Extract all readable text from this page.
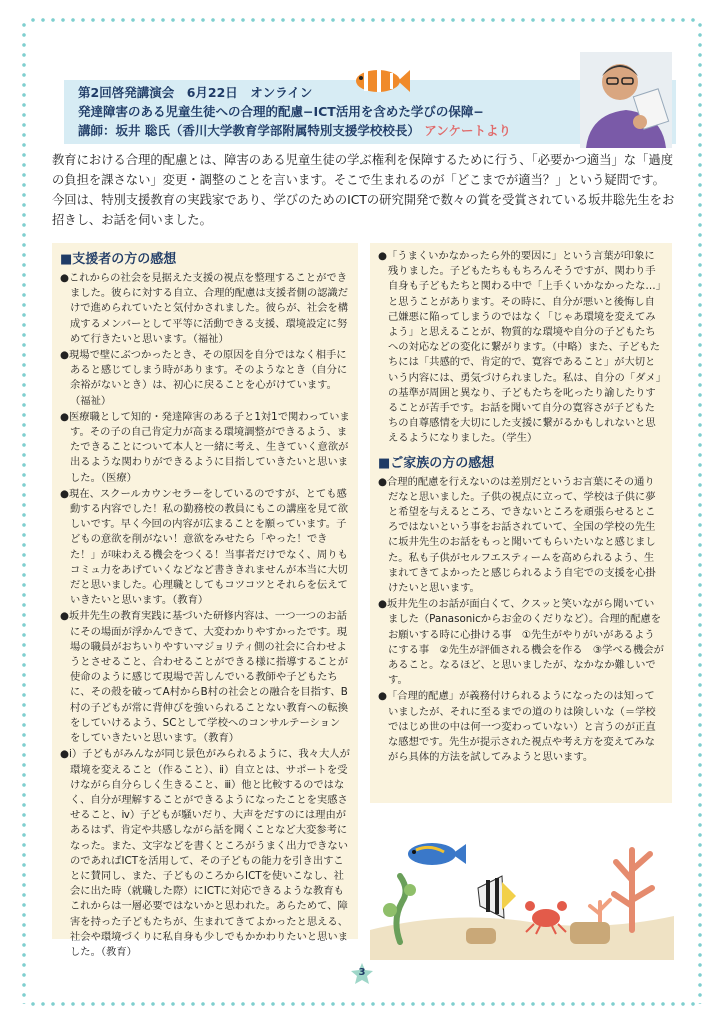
第2回啓発講演会　6月22日　オンライン
発達障害のある児童生徒への合理的配慮−ICT活用を含めた学びの保障−
講師：坂井 聡氏（香川大学教育学部附属特別支援学校校長） アンケートより
教育における合理的配慮とは、障害のある児童生徒の学ぶ権利を保障するために行う、「必要かつ適当」な「過度の負担を課さない」変更・調整のことを言います。そこで生まれるのが「どこまでが適当？」という疑問です。今回は、特別支援教育の実践家であり、学びのためのICTの研究開発で数々の賞を受賞されている坂井聡先生をお招きし、お話を伺いました。
■支援者の方の感想

●これからの社会を見据えた支援の視点を整理することができました。彼らに対する自立、合理的配慮は支援者側の認識だけで進められていたと気付かされました。彼らが、社会を構成するメンバーとして平等に活動できる支援、環境設定に努めて行きたいと思います。（福祉）

●現場で壁にぶつかったとき、その原因を自分ではなく相手にあると感じてしまう時があります。そのようなとき（自分に余裕がないとき）は、初心に戻ることを心がけています。（福祉）

●医療職として知的・発達障害のある子と1対1で関わっています。その子の自己肯定力が高まる環境調整ができるよう、またできることについて本人と一緒に考え、生きていく意欲が出るような関わりができるように目指していきたいと思いました。（医療）

●現在、スクールカウンセラーをしているのですが、とても感動する内容でした！私の勤務校の教員にもこの講座を見て欲しいです。早く今回の内容が広まることを願っています。子どもの意欲を削がない！意欲をみせたら「やった！できた！」が味わえる機会をつくる！当事者だけでなく、周りもコミュ力をあげていくなどなど書ききれませんが本当に大切だと思いました。心理職としてもコツコツとそれらを伝えていきたいと思います。（教育）

●坂井先生の教育実践に基づいた研修内容は、一つ一つのお話にその場面が浮かんできて、大変わかりやすかったです。現場の職員がおちいりやすいマジョリティ側の社会に合わせようとさせること、合わせることができる様に指導することが使命のように感じて現場で苦しんでいる教師や子どもたちに、その殻を破ってA村からB村の社会との融合を目指す、B村の子どもが常に背伸びを強いられることない教育への転換をしていけるよう、SCとして学校へのコンサルテーションをしていきたいと思います。（教育）

●ⅰ）子どもがみんなが同じ景色がみられるように、我々大人が環境を変えること（作ること）、ⅱ）自立とは、サポートを受けながら自分らしく生きること、ⅲ）他と比較するのではなく、自分が理解することができるようになったことを実感させること、ⅳ）子どもが騒いだり、大声をだすのには理由があるはず、肯定や共感しながら話を聞くことなど大変参考になった。また、文字などを書くところがうまく出力できないのであればICTを活用して、その子どもの能力を引き出すことに賛同し、また、子どものころからICTを使いこなし、社会に出た時（就職した際）にICTに対応できるような教育もこれからは一層必要ではないかと思われた。あらためて、障害を持った子どもたちが、生まれてきてよかったと思える、社会や環境づくりに私自身も少しでもかかわりたいと思いました。（教育）

●「うまくいかなかったら外的要因に」という言葉が印象に残りました。子どもたちももちろんそうですが、関わり手自身も子どもたちと関わる中で「上手くいかなかったな…」と思うことがあります。その時に、自分が悪いと後悔し自己嫌悪に陥ってしまうのではなく「じゃあ環境を変えてみよう」と思えることが、物質的な環境や自分の子どもたちへの対応などの変化に繋がります。（中略）また、子どもたちには「共感的で、肯定的で、寛容であること」が大切という内容には、勇気づけられました。私は、自分の「ダメ」の基準が周囲と異なり、子どもたちを叱ったり諭したりすることが苦手です。お話を聞いて自分の寛容さが子どもたちの自尊感情を大切にした支援に繋がるかもしれないと思えるようになりました。（学生）

■ご家族の方の感想

●合理的配慮を行えないのは差別だというお言葉にその通りだなと思いました。子供の視点に立って、学校は子供に夢と希望を与えるところ、できないところを頑張らせるところではないという事をお話されていて、全国の学校の先生に坂井先生のお話をもっと聞いてもらいたいなと感じました。私も子供がセルフエスティームを高められるよう、生まれてきてよかったと感じられるよう自宅での支援を心掛けたいと思います。

●坂井先生のお話が面白くて、クスッと笑いながら聞いていました（Panasonicからお金のくだりなど）。合理的配慮をお願いする時に心掛ける事　①先生がやりがいがあるようにする事　②先生が評価される機会を作る　③学べる機会があること。なるほど、と思いましたが、なかなか難しいです。

●「合理的配慮」が義務付けられるようになったのは知っていましたが、それに至るまでの道のりは険しいな（＝学校ではじめ世の中は何一つ変わっていない）と言うのが正直な感想です。先生が提示された視点や考え方を変えてみながら具体的方法を試してみようと思います。

3
